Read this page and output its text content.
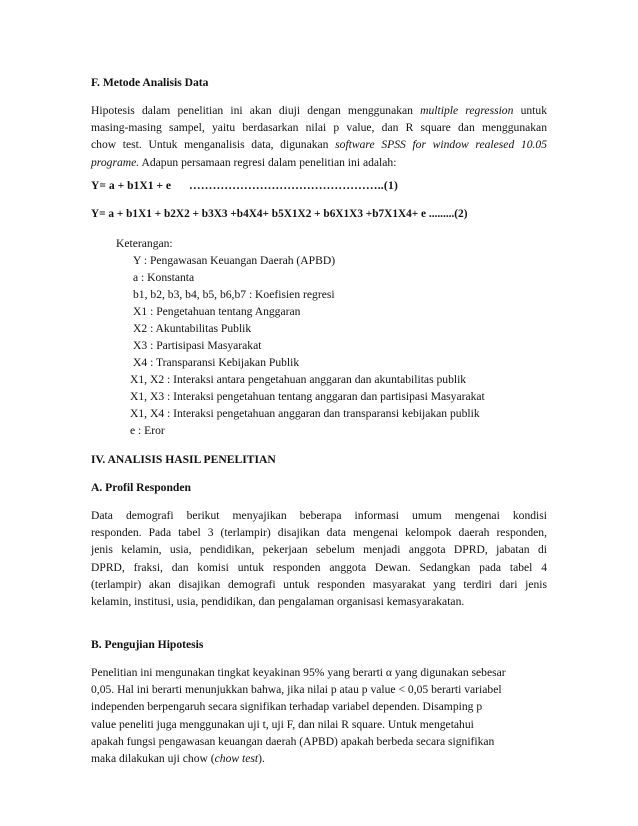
F. Metode Analisis Data
Hipotesis dalam penelitian ini akan diuji dengan menggunakan multiple regression untuk
masing-masing sampel, yaitu berdasarkan nilai p value, dan R square dan menggunakan
chow test. Untuk menganalisis data, digunakan software SPSS for window realesed 10.05
programe. Adapun persamaan regresi dalam penelitian ini adalah:
Y= a + b1X1 + e …………………………………………..(1)
Y= a + b1X1 + b2X2 + b3X3 +b4X4+ b5X1X2 + b6X1X3 +b7X1X4+ e .........(2)
Keterangan:
Y : Pengawasan Keuangan Daerah (APBD)
a : Konstanta
b1, b2, b3, b4, b5, b6,b7 : Koefisien regresi
X1 : Pengetahuan tentang Anggaran
X2 : Akuntabilitas Publik
X3 : Partisipasi Masyarakat
X4 : Transparansi Kebijakan Publik
X1, X2 : Interaksi antara pengetahuan anggaran dan akuntabilitas publik
X1, X3 : Interaksi pengetahuan tentang anggaran dan partisipasi Masyarakat
X1, X4 : Interaksi pengetahuan anggaran dan transparansi kebijakan publik
e : Eror
IV. ANALISIS HASIL PENELITIAN
A. Profil Responden
Data demografi berikut menyajikan beberapa informasi umum mengenai kondisi
responden. Pada tabel 3 (terlampir) disajikan data mengenai kelompok daerah responden,
jenis kelamin, usia, pendidikan, pekerjaan sebelum menjadi anggota DPRD, jabatan di
DPRD, fraksi, dan komisi untuk responden anggota Dewan. Sedangkan pada tabel 4
(terlampir) akan disajikan demografi untuk responden masyarakat yang terdiri dari jenis
kelamin, institusi, usia, pendidikan, dan pengalaman organisasi kemasyarakatan.
B. Pengujian Hipotesis
Penelitian ini mengunakan tingkat keyakinan 95% yang berarti α yang digunakan sebesar
0,05. Hal ini berarti menunjukkan bahwa, jika nilai p atau p value < 0,05 berarti variabel
independen berpengaruh secara signifikan terhadap variabel dependen. Disamping p
value peneliti juga menggunakan uji t, uji F, dan nilai R square. Untuk mengetahui
apakah fungsi pengawasan keuangan daerah (APBD) apakah berbeda secara signifikan
maka dilakukan uji chow (chow test).
